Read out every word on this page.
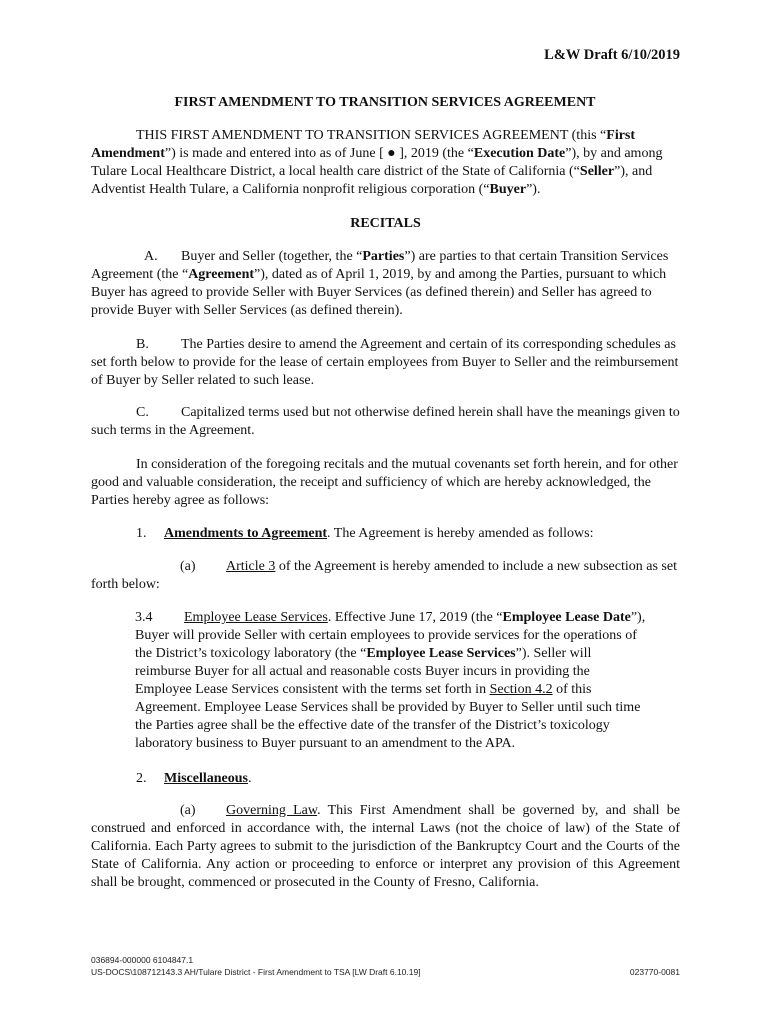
L&W Draft 6/10/2019
FIRST AMENDMENT TO TRANSITION SERVICES AGREEMENT

THIS FIRST AMENDMENT TO TRANSITION SERVICES AGREEMENT (this “First Amendment”) is made and entered into as of June [ ● ], 2019 (the “Execution Date”), by and among Tulare Local Healthcare District, a local health care district of the State of California (“Seller”), and Adventist Health Tulare, a California nonprofit religious corporation (“Buyer”).

RECITALS

A. Buyer and Seller (together, the “Parties”) are parties to that certain Transition Services Agreement (the “Agreement”), dated as of April 1, 2019, by and among the Parties, pursuant to which Buyer has agreed to provide Seller with Buyer Services (as defined therein) and Seller has agreed to provide Buyer with Seller Services (as defined therein).

B. The Parties desire to amend the Agreement and certain of its corresponding schedules as set forth below to provide for the lease of certain employees from Buyer to Seller and the reimbursement of Buyer by Seller related to such lease.

C. Capitalized terms used but not otherwise defined herein shall have the meanings given to such terms in the Agreement.

In consideration of the foregoing recitals and the mutual covenants set forth herein, and for other good and valuable consideration, the receipt and sufficiency of which are hereby acknowledged, the Parties hereby agree as follows:

1. Amendments to Agreement. The Agreement is hereby amended as follows:

(a) Article 3 of the Agreement is hereby amended to include a new subsection as set forth below:

3.4 Employee Lease Services. Effective June 17, 2019 (the “Employee Lease Date”), Buyer will provide Seller with certain employees to provide services for the operations of the District’s toxicology laboratory (the “Employee Lease Services”). Seller will reimburse Buyer for all actual and reasonable costs Buyer incurs in providing the Employee Lease Services consistent with the terms set forth in Section 4.2 of this Agreement. Employee Lease Services shall be provided by Buyer to Seller until such time the Parties agree shall be the effective date of the transfer of the District’s toxicology laboratory business to Buyer pursuant to an amendment to the APA.

2. Miscellaneous.

(a) Governing Law. This First Amendment shall be governed by, and shall be construed and enforced in accordance with, the internal Laws (not the choice of law) of the State of California. Each Party agrees to submit to the jurisdiction of the Bankruptcy Court and the Courts of the State of California. Any action or proceeding to enforce or interpret any provision of this Agreement shall be brought, commenced or prosecuted in the County of Fresno, California.

036894-000000 6104847.1
US-DOCS\108712143.3 AH/Tulare District - First Amendment to TSA [LW Draft 6.10.19]	023770-0081
